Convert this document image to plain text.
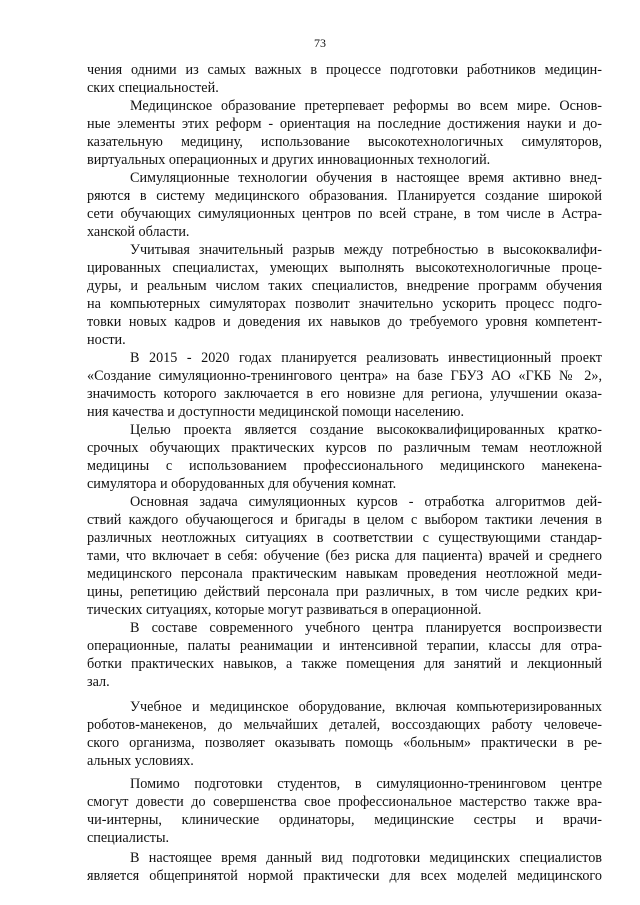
73
чения одними из самых важных в процессе подготовки работников медицин-
ских специальностей.
Медицинское образование претерпевает реформы во всем мире. Основ-
ные элементы этих реформ - ориентация на последние достижения науки и до-
казательную медицину, использование высокотехнологичных симуляторов,
виртуальных операционных и других инновационных технологий.
Симуляционные технологии обучения в настоящее время активно внед-
ряются в систему медицинского образования. Планируется создание широкой
сети обучающих симуляционных центров по всей стране, в том числе в Астра-
ханской области.
Учитывая значительный разрыв между потребностью в высококвалифи-
цированных специалистах, умеющих выполнять высокотехнологичные проце-
дуры, и реальным числом таких специалистов, внедрение программ обучения
на компьютерных симуляторах позволит значительно ускорить процесс подго-
товки новых кадров и доведения их навыков до требуемого уровня компетент-
ности.
В 2015 - 2020 годах планируется реализовать инвестиционный проект
«Создание симуляционно-тренингового центра» на базе ГБУЗ АО «ГКБ № 2»,
значимость которого заключается в его новизне для региона, улучшении оказа-
ния качества и доступности медицинской помощи населению.
Целью проекта является создание высококвалифицированных кратко-
срочных обучающих практических курсов по различным темам неотложной
медицины с использованием профессионального медицинского манекена-
симулятора и оборудованных для обучения комнат.
Основная задача симуляционных курсов - отработка алгоритмов дей-
ствий каждого обучающегося и бригады в целом с выбором тактики лечения в
различных неотложных ситуациях в соответствии с существующими стандар-
тами, что включает в себя: обучение (без риска для пациента) врачей и среднего
медицинского персонала практическим навыкам проведения неотложной меди-
цины, репетицию действий персонала при различных, в том числе редких кри-
тических ситуациях, которые могут развиваться в операционной.
В составе современного учебного центра планируется воспроизвести
операционные, палаты реанимации и интенсивной терапии, классы для отра-
ботки практических навыков, а также помещения для занятий и лекционный
зал.
Учебное и медицинское оборудование, включая компьютеризированных
роботов-манекенов, до мельчайших деталей, воссоздающих работу человече-
ского организма, позволяет оказывать помощь «больным» практически в ре-
альных условиях.
Помимо подготовки студентов, в симуляционно-тренинговом центре
смогут довести до совершенства свое профессиональное мастерство также вра-
чи-интерны, клинические ординаторы, медицинские сестры и врачи-
специалисты.
В настоящее время данный вид подготовки медицинских специалистов
является общепринятой нормой практически для всех моделей медицинского
